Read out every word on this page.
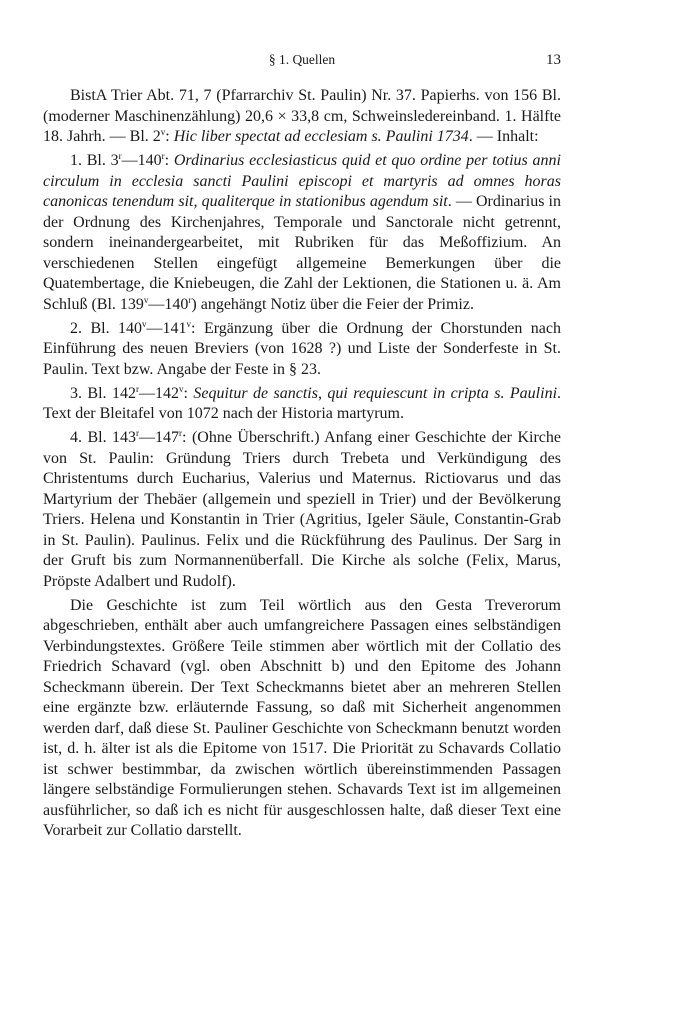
§ 1. Quellen	13

BistA Trier Abt. 71, 7 (Pfarrarchiv St. Paulin) Nr. 37. Papierhs. von 156 Bl. (moderner Maschinenzählung) 20,6 × 33,8 cm, Schweinsledereinband. 1. Hälfte 18. Jahrh. — Bl. 2$^v$: Hic liber spectat ad ecclesiam s. Paulini 1734. — Inhalt:

1. Bl. 3$^r$—140$^r$: Ordinarius ecclesiasticus quid et quo ordine per totius anni circulum in ecclesia sancti Paulini episcopi et martyris ad omnes horas canonicas tenendum sit, qualiterque in stationibus agendum sit. — Ordinarius in der Ordnung des Kirchenjahres, Temporale und Sanctorale nicht getrennt, sondern ineinandergearbeitet, mit Rubriken für das Meßoffizium. An verschiedenen Stellen eingefügt allgemeine Bemerkungen über die Quatembertage, die Kniebeugen, die Zahl der Lektionen, die Stationen u. ä. Am Schluß (Bl. 139$^v$—140$^r$) angehängt Notiz über die Feier der Primiz.

2. Bl. 140$^v$—141$^v$: Ergänzung über die Ordnung der Chorstunden nach Einführung des neuen Breviers (von 1628 ?) und Liste der Sonderfeste in St. Paulin. Text bzw. Angabe der Feste in § 23.

3. Bl. 142$^r$—142$^v$: Sequitur de sanctis, qui requiescunt in cripta s. Paulini. Text der Bleitafel von 1072 nach der Historia martyrum.

4. Bl. 143$^r$—147$^r$: (Ohne Überschrift.) Anfang einer Geschichte der Kirche von St. Paulin: Gründung Triers durch Trebeta und Verkündigung des Christentums durch Eucharius, Valerius und Maternus. Rictiovarus und das Martyrium der Thebäer (allgemein und speziell in Trier) und der Bevölkerung Triers. Helena und Konstantin in Trier (Agritius, Igeler Säule, Constantin-Grab in St. Paulin). Paulinus. Felix und die Rückführung des Paulinus. Der Sarg in der Gruft bis zum Normannenüberfall. Die Kirche als solche (Felix, Marus, Pröpste Adalbert und Rudolf).

Die Geschichte ist zum Teil wörtlich aus den Gesta Treverorum abgeschrieben, enthält aber auch umfangreichere Passagen eines selbständigen Verbindungstextes. Größere Teile stimmen aber wörtlich mit der Collatio des Friedrich Schavard (vgl. oben Abschnitt b) und den Epitome des Johann Scheckmann überein. Der Text Scheckmanns bietet aber an mehreren Stellen eine ergänzte bzw. erläuternde Fassung, so daß mit Sicherheit angenommen werden darf, daß diese St. Pauliner Geschichte von Scheckmann benutzt worden ist, d. h. älter ist als die Epitome von 1517. Die Priorität zu Schavards Collatio ist schwer bestimmbar, da zwischen wörtlich übereinstimmenden Passagen längere selbständige Formulierungen stehen. Schavards Text ist im allgemeinen ausführlicher, so daß ich es nicht für ausgeschlossen halte, daß dieser Text eine Vorarbeit zur Collatio darstellt.
